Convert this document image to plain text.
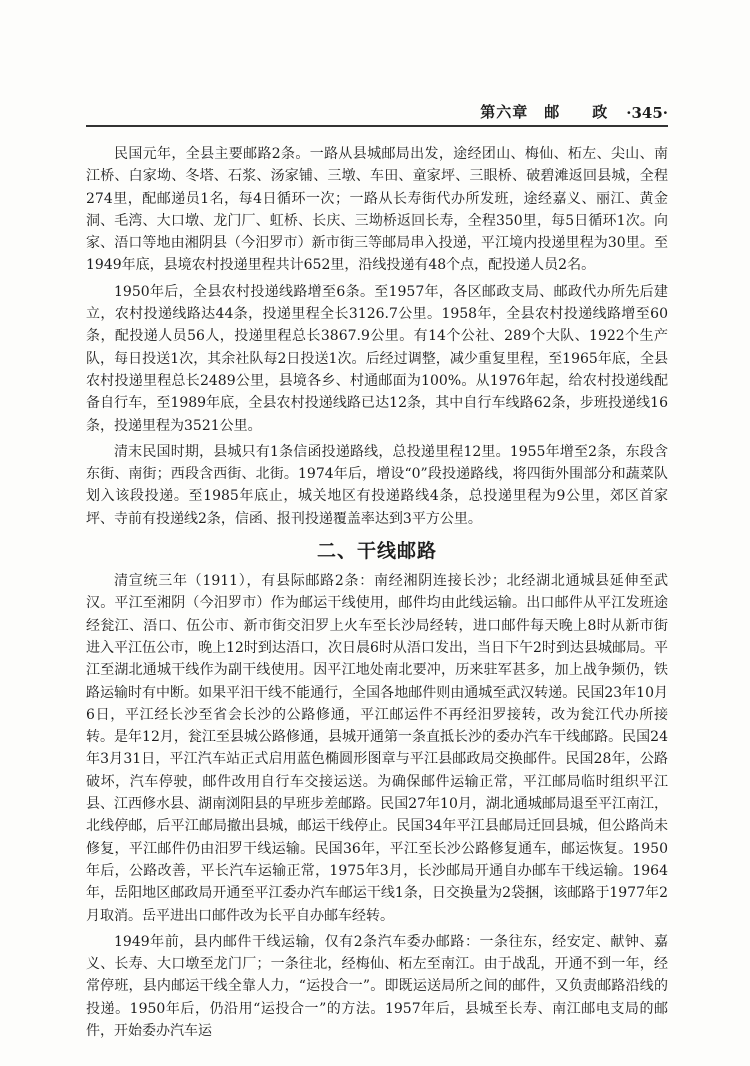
第六章　邮　　政 ·345·

民国元年，全县主要邮路2条。一路从县城邮局出发，途经团山、梅仙、柘左、尖山、南江桥、白家坳、冬塔、石浆、汤家铺、三墩、车田、童家坪、三眼桥、破碧滩返回县城，全程274里，配邮递员1名，每4日循环一次；一路从长寿街代办所发班，途经嘉义、丽江、黄金洞、毛湾、大口墩、龙门厂、虹桥、长庆、三坳桥返回长寿，全程350里，每5日循环1次。向家、浯口等地由湘阴县（今汨罗市）新市街三等邮局串入投递，平江境内投递里程为30里。至1949年底，县境农村投递里程共计652里，沿线投递有48个点，配投递人员2名。

1950年后，全县农村投递线路增至6条。至1957年，各区邮政支局、邮政代办所先后建立，农村投递线路达44条，投递里程全长3126.7公里。1958年，全县农村投递线路增至60条，配投递人员56人，投递里程总长3867.9公里。有14个公社、289个大队、1922个生产队，每日投送1次，其余社队每2日投送1次。后经过调整，减少重复里程，至1965年底，全县农村投递里程总长2489公里，县境各乡、村通邮面为100%。从1976年起，给农村投递线配备自行车，至1989年底，全县农村投递线路已达12条，其中自行车线路62条，步班投递线16条，投递里程为3521公里。

清末民国时期，县城只有1条信函投递路线，总投递里程12里。1955年增至2条，东段含东街、南街；西段含西街、北街。1974年后，增设“0”段投递路线，将四街外围部分和蔬菜队划入该段投递。至1985年底止，城关地区有投递路线4条，总投递里程为9公里，郊区首家坪、寺前有投递线2条，信函、报刊投递覆盖率达到3平方公里。

二、干线邮路

清宣统三年（1911），有县际邮路2条：南经湘阴连接长沙；北经湖北通城县延伸至武汉。平江至湘阴（今汨罗市）作为邮运干线使用，邮件均由此线运输。出口邮件从平江发班途经瓮江、浯口、伍公市、新市街交汨罗上火车至长沙局经转，进口邮件每天晚上8时从新市街进入平江伍公市，晚上12时到达浯口，次日晨6时从浯口发出，当日下午2时到达县城邮局。平江至湖北通城干线作为副干线使用。因平江地处南北要冲，历来驻军甚多，加上战争频仍，铁路运输时有中断。如果平汨干线不能通行，全国各地邮件则由通城至武汉转递。民国23年10月6日，平江经长沙至省会长沙的公路修通，平江邮运件不再经汨罗接转，改为瓮江代办所接转。是年12月，瓮江至县城公路修通，县城开通第一条直抵长沙的委办汽车干线邮路。民国24年3月31日，平江汽车站正式启用蓝色椭圆形图章与平江县邮政局交换邮件。民国28年，公路破坏，汽车停驶，邮件改用自行车交接运送。为确保邮件运输正常，平江邮局临时组织平江县、江西修水县、湖南浏阳县的早班步差邮路。民国27年10月，湖北通城邮局退至平江南江，北线停邮，后平江邮局撤出县城，邮运干线停止。民国34年平江县邮局迁回县城，但公路尚未修复，平江邮件仍由汨罗干线运输。民国36年，平江至长沙公路修复通车，邮运恢复。1950年后，公路改善，平长汽车运输正常，1975年3月，长沙邮局开通自办邮车干线运输。1964年，岳阳地区邮政局开通至平江委办汽车邮运干线1条，日交换量为2袋捆，该邮路于1977年2月取消。岳平进出口邮件改为长平自办邮车经转。

1949年前，县内邮件干线运输，仅有2条汽车委办邮路：一条往东，经安定、献钟、嘉义、长寿、大口墩至龙门厂；一条往北，经梅仙、柘左至南江。由于战乱，开通不到一年，经常停班，县内邮运干线全靠人力，“运投合一”。即既运送局所之间的邮件，又负责邮路沿线的投递。1950年后，仍沿用“运投合一”的方法。1957年后，县城至长寿、南江邮电支局的邮件，开始委办汽车运
